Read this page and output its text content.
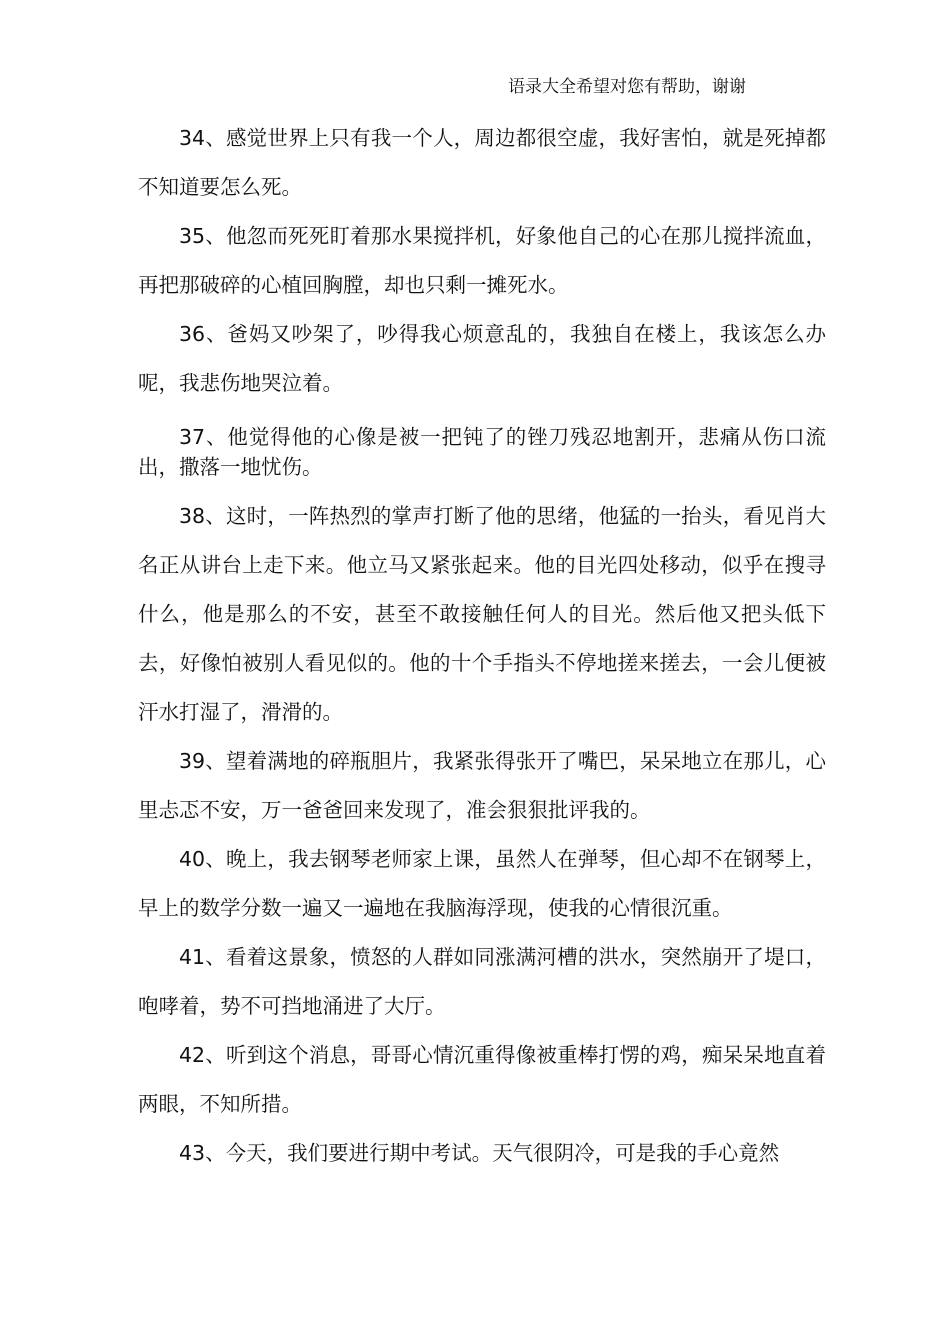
语录大全希望对您有帮助，谢谢

34、感觉世界上只有我一个人，周边都很空虚，我好害怕，就是死掉都不知道要怎么死。

35、他忽而死死盯着那水果搅拌机，好象他自己的心在那儿搅拌流血，再把那破碎的心植回胸膛，却也只剩一摊死水。

36、爸妈又吵架了，吵得我心烦意乱的，我独自在楼上，我该怎么办呢，我悲伤地哭泣着。

37、他觉得他的心像是被一把钝了的锉刀残忍地割开，悲痛从伤口流出，撒落一地忧伤。

38、这时，一阵热烈的掌声打断了他的思绪，他猛的一抬头，看见肖大名正从讲台上走下来。他立马又紧张起来。他的目光四处移动，似乎在搜寻什么，他是那么的不安，甚至不敢接触任何人的目光。然后他又把头低下去，好像怕被别人看见似的。他的十个手指头不停地搓来搓去，一会儿便被汗水打湿了，滑滑的。

39、望着满地的碎瓶胆片，我紧张得张开了嘴巴，呆呆地立在那儿，心里忐忑不安，万一爸爸回来发现了，准会狠狠批评我的。

40、晚上，我去钢琴老师家上课，虽然人在弹琴，但心却不在钢琴上，早上的数学分数一遍又一遍地在我脑海浮现，使我的心情很沉重。

41、看着这景象，愤怒的人群如同涨满河槽的洪水，突然崩开了堤口，咆哮着，势不可挡地涌进了大厅。

42、听到这个消息，哥哥心情沉重得像被重棒打愣的鸡，痴呆呆地直着两眼，不知所措。

43、今天，我们要进行期中考试。天气很阴冷，可是我的手心竟然
